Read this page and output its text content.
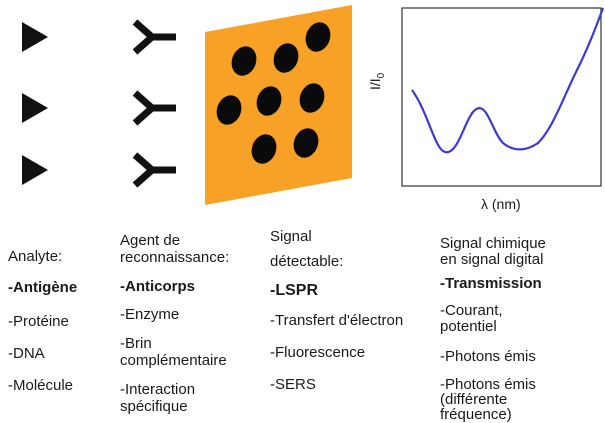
$I/I_0$
λ (nm)
Analyte:
-Antigène
-Protéine
-DNA
-Molécule
Agent de
reconnaissance:
-Anticorps
-Enzyme
-Brin
complémentaire
-Interaction
spécifique
Signal
détectable:
-LSPR
-Transfert d'électron
-Fluorescence
-SERS
Signal chimique
en signal digital
-Transmission
-Courant,
potentiel
-Photons émis
-Photons émis
(différente
fréquence)
